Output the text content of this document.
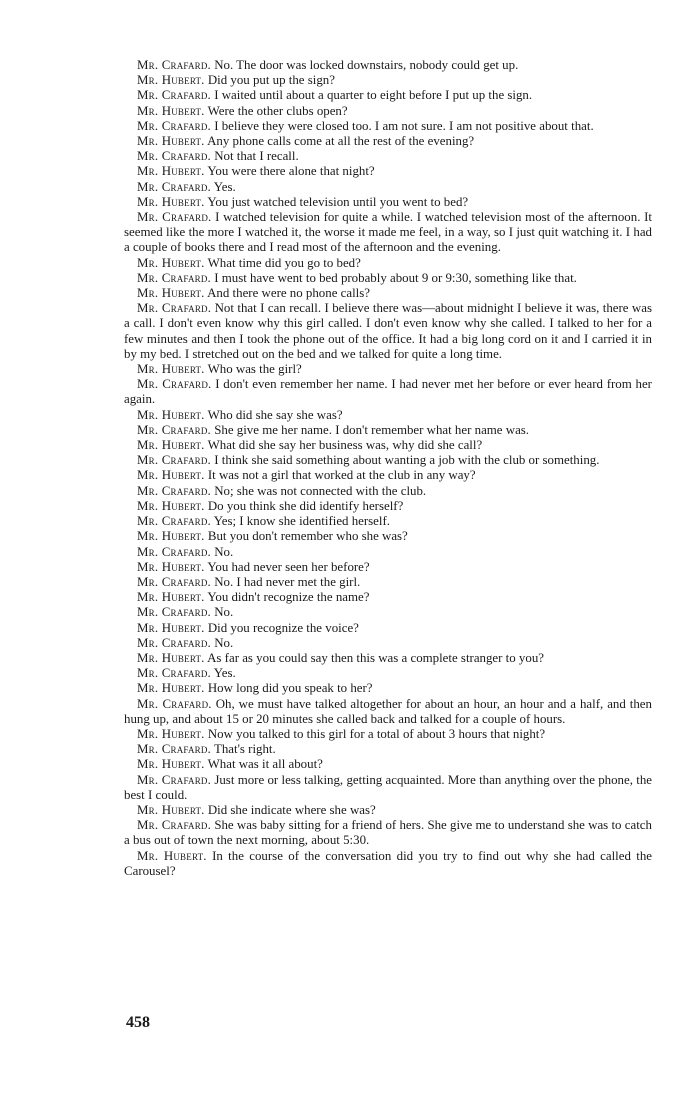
Mr. Crafard. No. The door was locked downstairs, nobody could get up.

Mr. Hubert. Did you put up the sign?

Mr. Crafard. I waited until about a quarter to eight before I put up the sign.

Mr. Hubert. Were the other clubs open?

Mr. Crafard. I believe they were closed too. I am not sure. I am not positive about that.

Mr. Hubert. Any phone calls come at all the rest of the evening?

Mr. Crafard. Not that I recall.

Mr. Hubert. You were there alone that night?

Mr. Crafard. Yes.

Mr. Hubert. You just watched television until you went to bed?

Mr. Crafard. I watched television for quite a while. I watched television most of the afternoon. It seemed like the more I watched it, the worse it made me feel, in a way, so I just quit watching it. I had a couple of books there and I read most of the afternoon and the evening.

Mr. Hubert. What time did you go to bed?

Mr. Crafard. I must have went to bed probably about 9 or 9:30, something like that.

Mr. Hubert. And there were no phone calls?

Mr. Crafard. Not that I can recall. I believe there was—about midnight I believe it was, there was a call. I don't even know why this girl called. I don't even know why she called. I talked to her for a few minutes and then I took the phone out of the office. It had a big long cord on it and I carried it in by my bed. I stretched out on the bed and we talked for quite a long time.

Mr. Hubert. Who was the girl?

Mr. Crafard. I don't even remember her name. I had never met her before or ever heard from her again.

Mr. Hubert. Who did she say she was?

Mr. Crafard. She give me her name. I don't remember what her name was.

Mr. Hubert. What did she say her business was, why did she call?

Mr. Crafard. I think she said something about wanting a job with the club or something.

Mr. Hubert. It was not a girl that worked at the club in any way?

Mr. Crafard. No; she was not connected with the club.

Mr. Hubert. Do you think she did identify herself?

Mr. Crafard. Yes; I know she identified herself.

Mr. Hubert. But you don't remember who she was?

Mr. Crafard. No.

Mr. Hubert. You had never seen her before?

Mr. Crafard. No. I had never met the girl.

Mr. Hubert. You didn't recognize the name?

Mr. Crafard. No.

Mr. Hubert. Did you recognize the voice?

Mr. Crafard. No.

Mr. Hubert. As far as you could say then this was a complete stranger to you?

Mr. Crafard. Yes.

Mr. Hubert. How long did you speak to her?

Mr. Crafard. Oh, we must have talked altogether for about an hour, an hour and a half, and then hung up, and about 15 or 20 minutes she called back and talked for a couple of hours.

Mr. Hubert. Now you talked to this girl for a total of about 3 hours that night?

Mr. Crafard. That's right.

Mr. Hubert. What was it all about?

Mr. Crafard. Just more or less talking, getting acquainted. More than anything over the phone, the best I could.

Mr. Hubert. Did she indicate where she was?

Mr. Crafard. She was baby sitting for a friend of hers. She give me to understand she was to catch a bus out of town the next morning, about 5:30.

Mr. Hubert. In the course of the conversation did you try to find out why she had called the Carousel?

458
